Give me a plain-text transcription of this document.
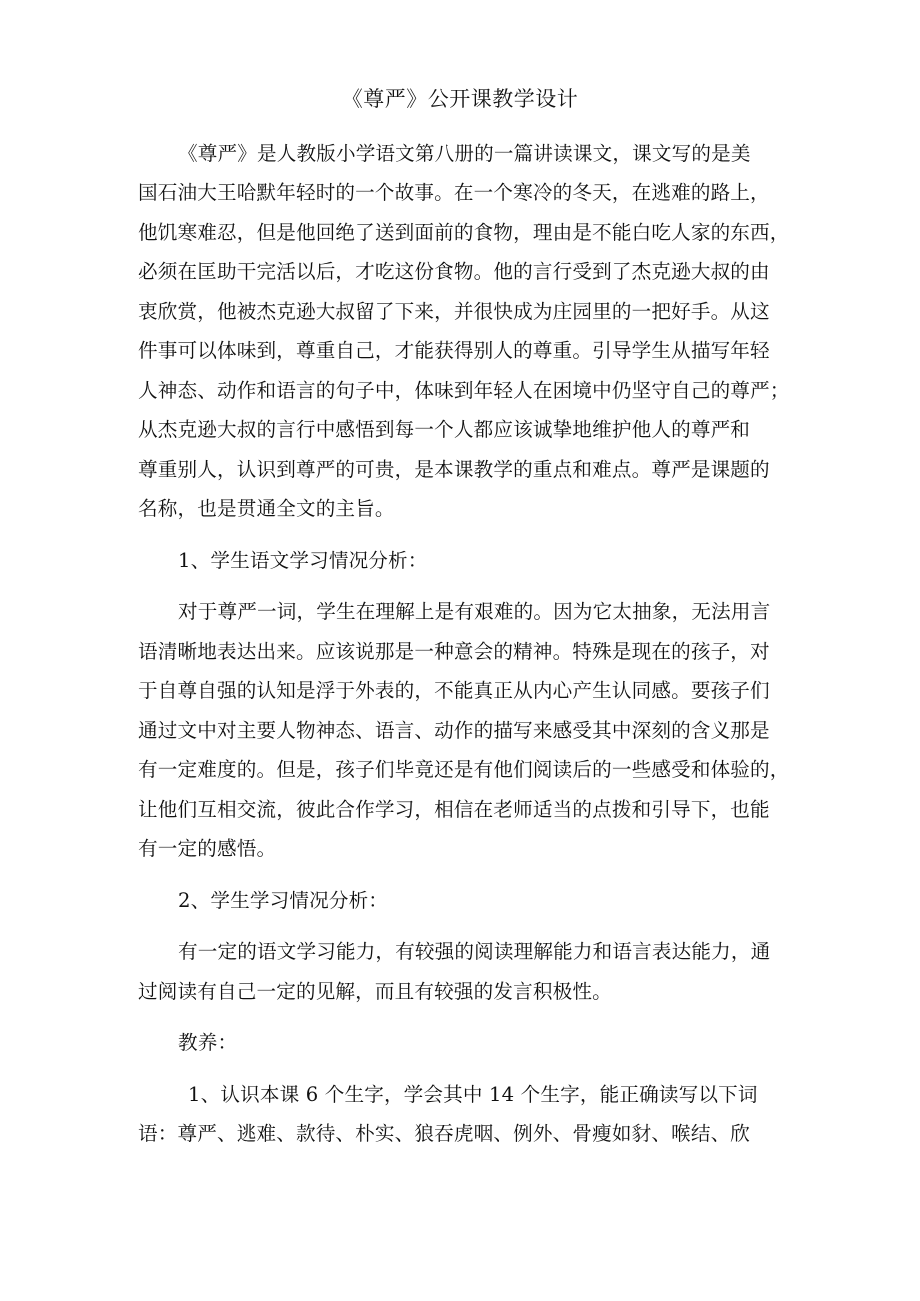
《尊严》公开课教学设计
《尊严》是人教版小学语文第八册的一篇讲读课文，课文写的是美
国石油大王哈默年轻时的一个故事。在一个寒冷的冬天，在逃难的路上，
他饥寒难忍，但是他回绝了送到面前的食物，理由是不能白吃人家的东西，
必须在匡助干完活以后，才吃这份食物。他的言行受到了杰克逊大叔的由
衷欣赏，他被杰克逊大叔留了下来，并很快成为庄园里的一把好手。从这
件事可以体味到，尊重自己，才能获得别人的尊重。引导学生从描写年轻
人神态、动作和语言的句子中，体味到年轻人在困境中仍坚守自己的尊严；
从杰克逊大叔的言行中感悟到每一个人都应该诚挚地维护他人的尊严和
尊重别人，认识到尊严的可贵，是本课教学的重点和难点。尊严是课题的
名称，也是贯通全文的主旨。
1、学生语文学习情况分析：
对于尊严一词，学生在理解上是有艰难的。因为它太抽象，无法用言
语清晰地表达出来。应该说那是一种意会的精神。特殊是现在的孩子，对
于自尊自强的认知是浮于外表的，不能真正从内心产生认同感。要孩子们
通过文中对主要人物神态、语言、动作的描写来感受其中深刻的含义那是
有一定难度的。但是，孩子们毕竟还是有他们阅读后的一些感受和体验的，
让他们互相交流，彼此合作学习，相信在老师适当的点拨和引导下，也能
有一定的感悟。
2、学生学习情况分析：
有一定的语文学习能力，有较强的阅读理解能力和语言表达能力，通
过阅读有自己一定的见解，而且有较强的发言积极性。
教养：
1、认识本课 6 个生字，学会其中 14 个生字，能正确读写以下词
语：尊严、逃难、款待、朴实、狼吞虎咽、例外、骨瘦如豺、喉结、欣
